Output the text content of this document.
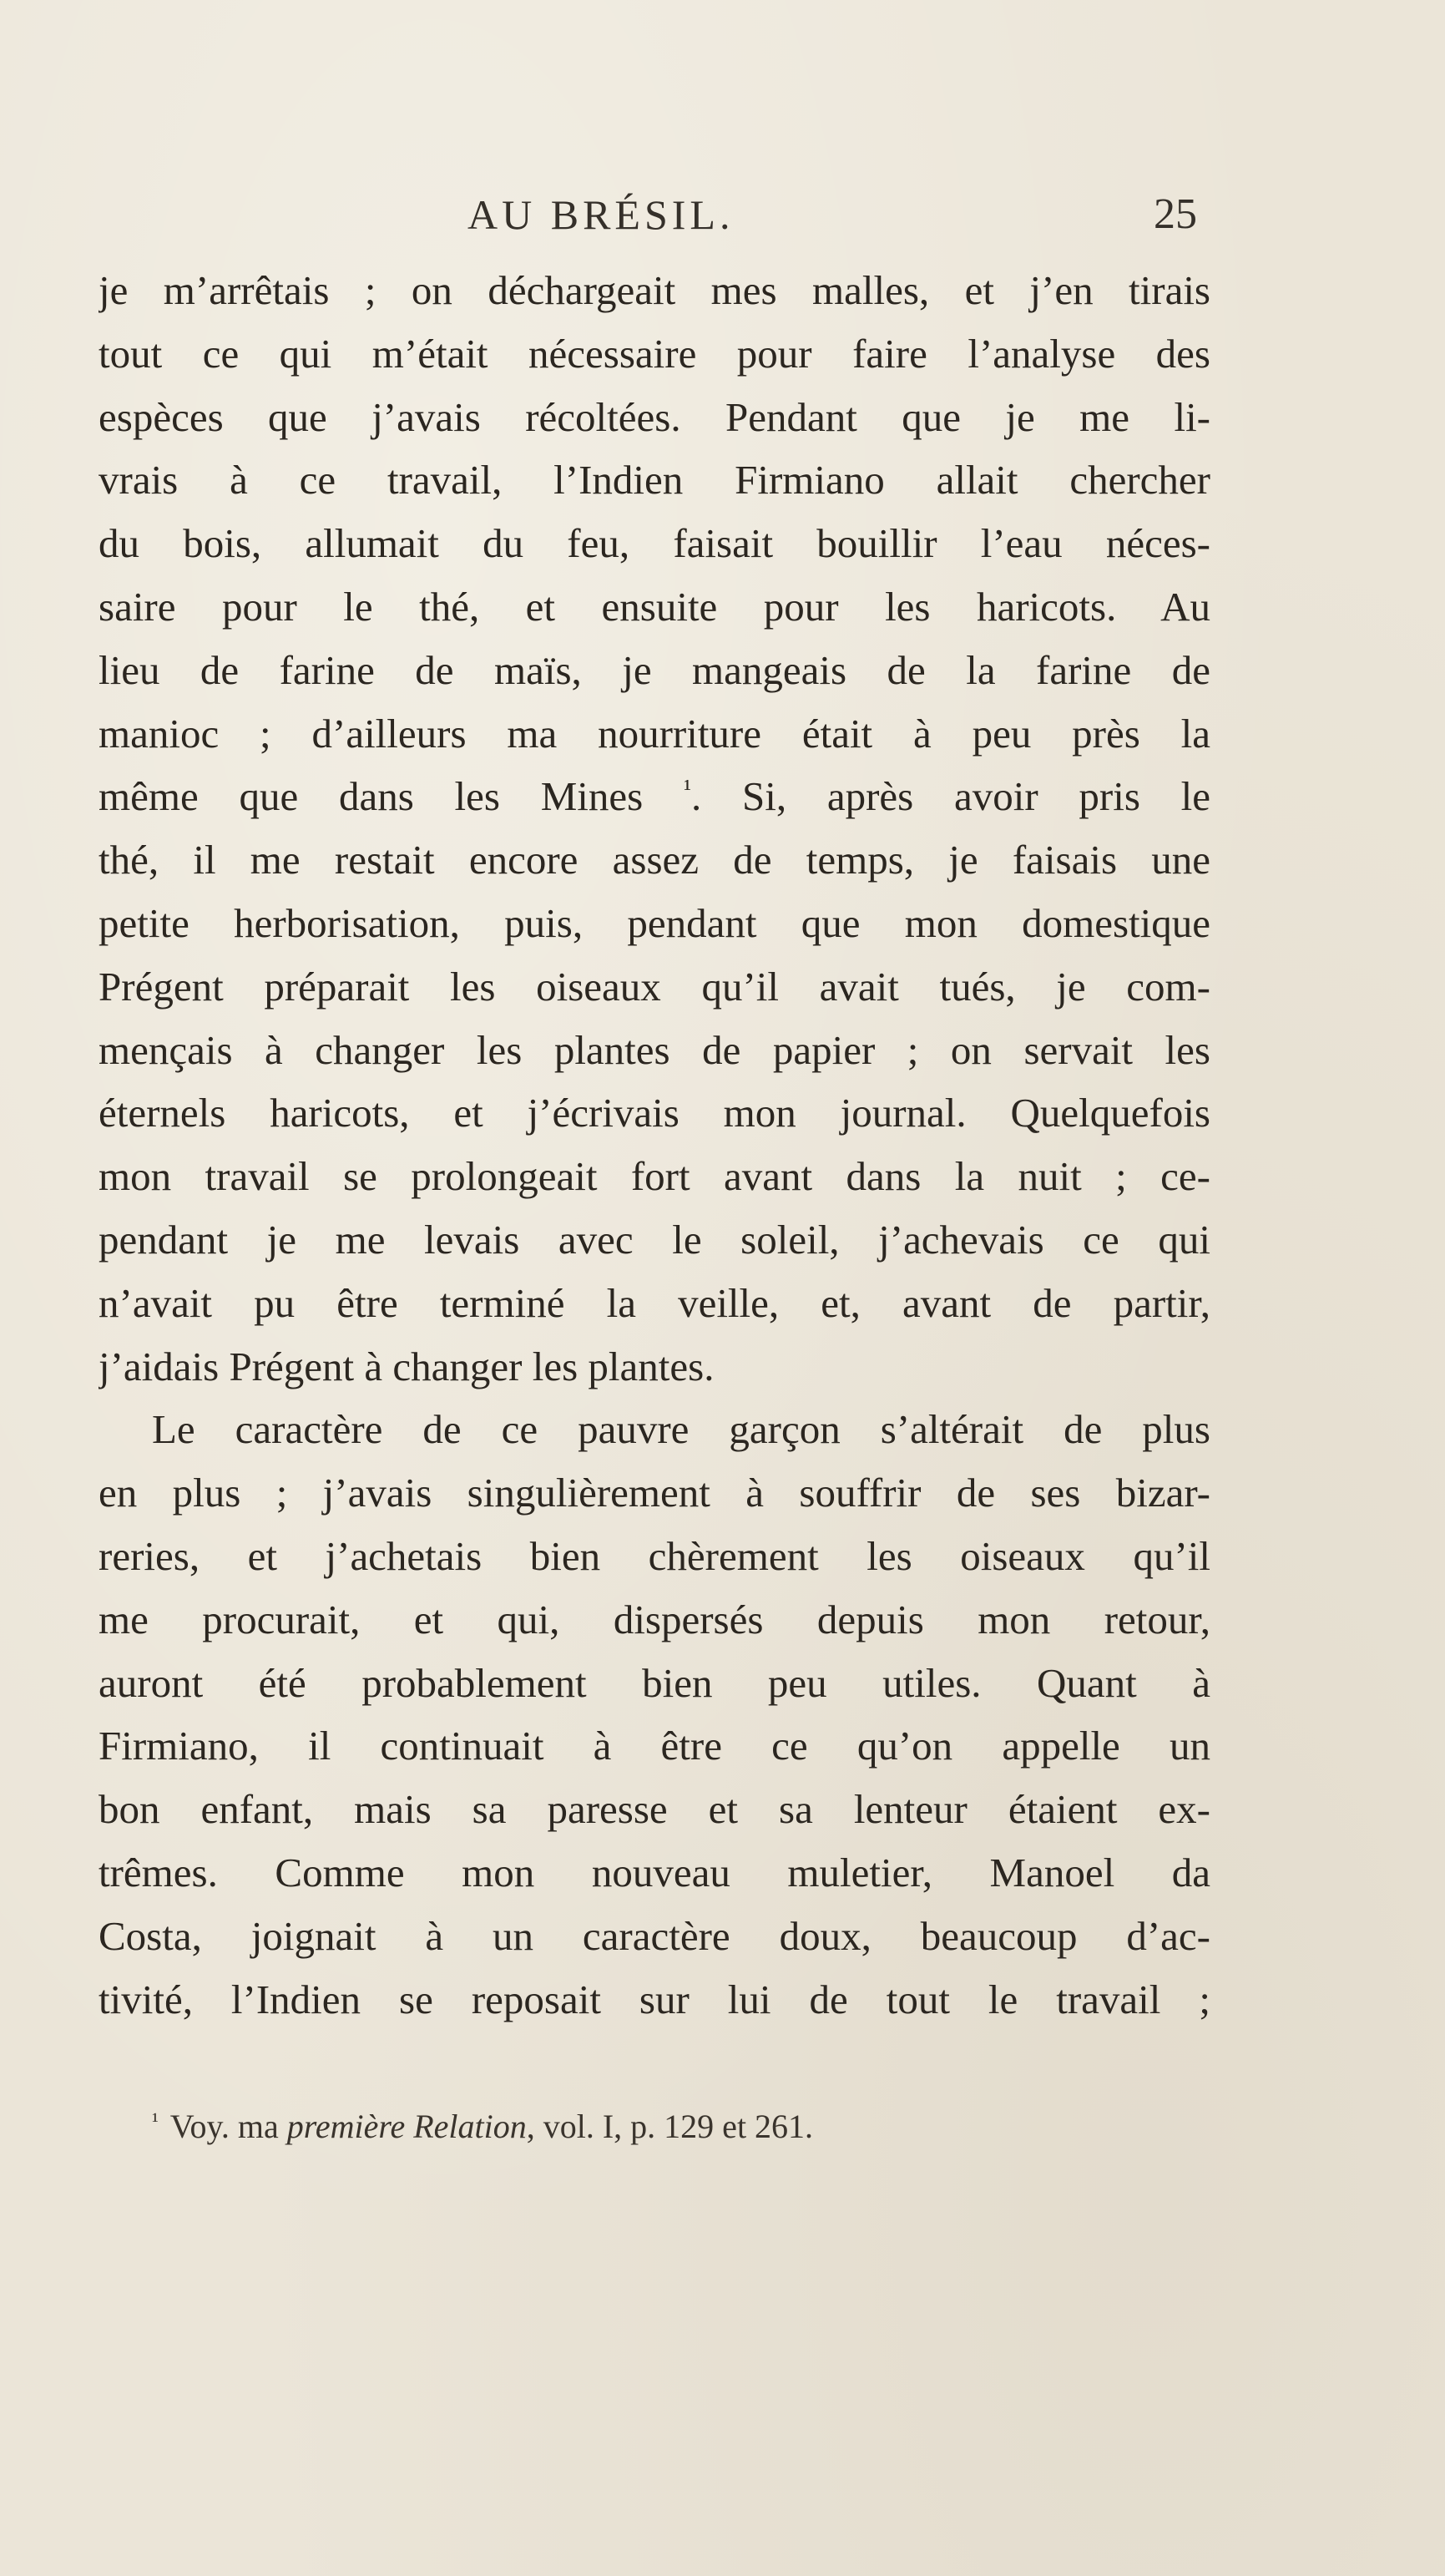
AU BRÉSIL.	25
je m’arrêtais ; on déchargeait mes malles, et j’en tirais
tout ce qui m’était nécessaire pour faire l’analyse des
espèces que j’avais récoltées. Pendant que je me li-
vrais à ce travail, l’Indien Firmiano allait chercher
du bois, allumait du feu, faisait bouillir l’eau néces-
saire pour le thé, et ensuite pour les haricots. Au
lieu de farine de maïs, je mangeais de la farine de
manioc ; d’ailleurs ma nourriture était à peu près la
même que dans les Mines $^{^1}$. Si, après avoir pris le
thé, il me restait encore assez de temps, je faisais une
petite herborisation, puis, pendant que mon domestique
Prégent préparait les oiseaux qu’il avait tués, je com-
mençais à changer les plantes de papier ; on servait les
éternels haricots, et j’écrivais mon journal. Quelquefois
mon travail se prolongeait fort avant dans la nuit ; ce-
pendant je me levais avec le soleil, j’achevais ce qui
n’avait pu être terminé la veille, et, avant de partir,
j’aidais Prégent à changer les plantes.
Le caractère de ce pauvre garçon s’altérait de plus
en plus ; j’avais singulièrement à souffrir de ses bizar-
reries, et j’achetais bien chèrement les oiseaux qu’il
me procurait, et qui, dispersés depuis mon retour,
auront été probablement bien peu utiles. Quant à
Firmiano, il continuait à être ce qu’on appelle un
bon enfant, mais sa paresse et sa lenteur étaient ex-
trêmes. Comme mon nouveau muletier, Manoel da
Costa, joignait à un caractère doux, beaucoup d’ac-
tivité, l’Indien se reposait sur lui de tout le travail ;
$^{^1}$ Voy. ma première Relation, vol. I, p. 129 et 261.
